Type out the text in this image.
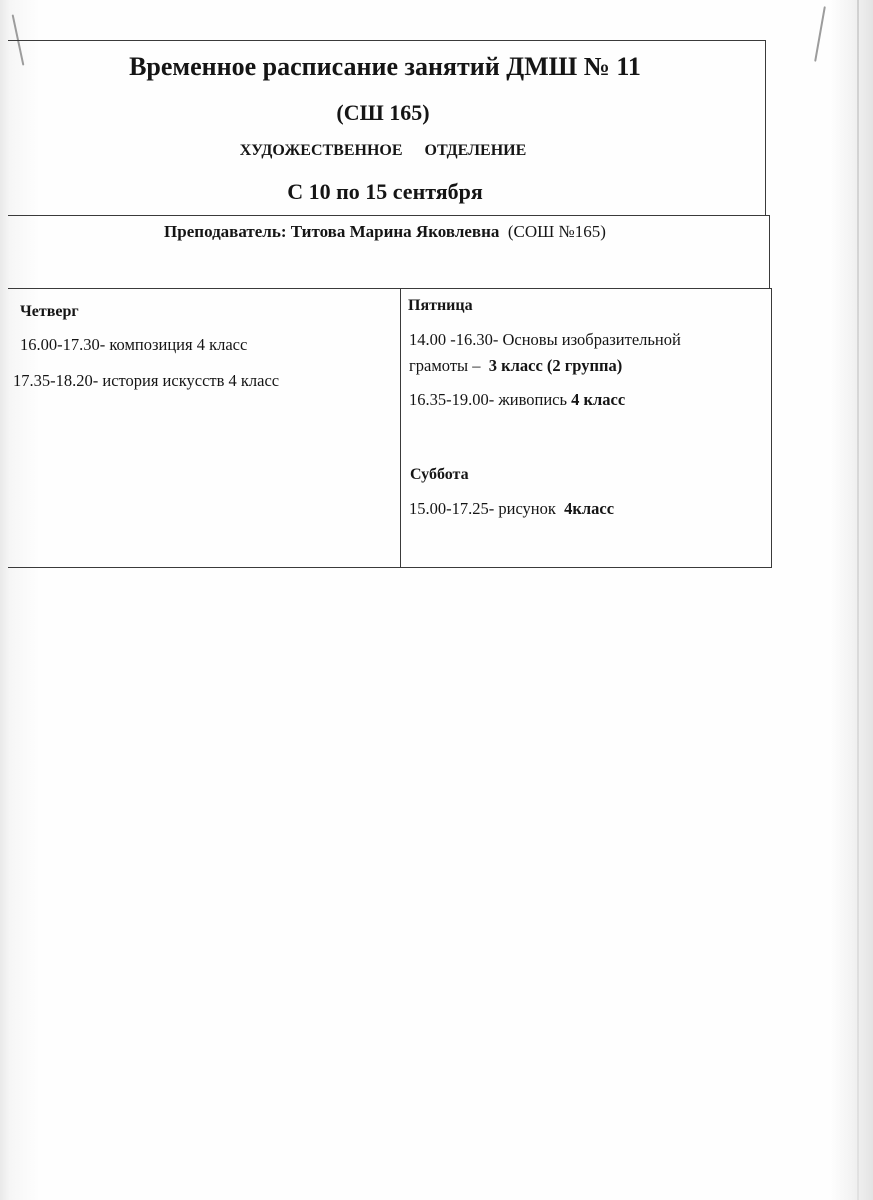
Временное расписание занятий ДМШ № 11
(СШ 165)
ХУДОЖЕСТВЕННОЕ ОТДЕЛЕНИЕ
С 10 по 15 сентября
Преподаватель: Титова Марина Яковлевна (СОШ №165)
Четверг
16.00-17.30- композиция 4 класс
17.35-18.20- история искусств 4 класс
Пятница
14.00 -16.30- Основы изобразительной
грамоты – 3 класс (2 группа)
16.35-19.00- живопись 4 класс
Суббота
15.00-17.25- рисунок 4класс
